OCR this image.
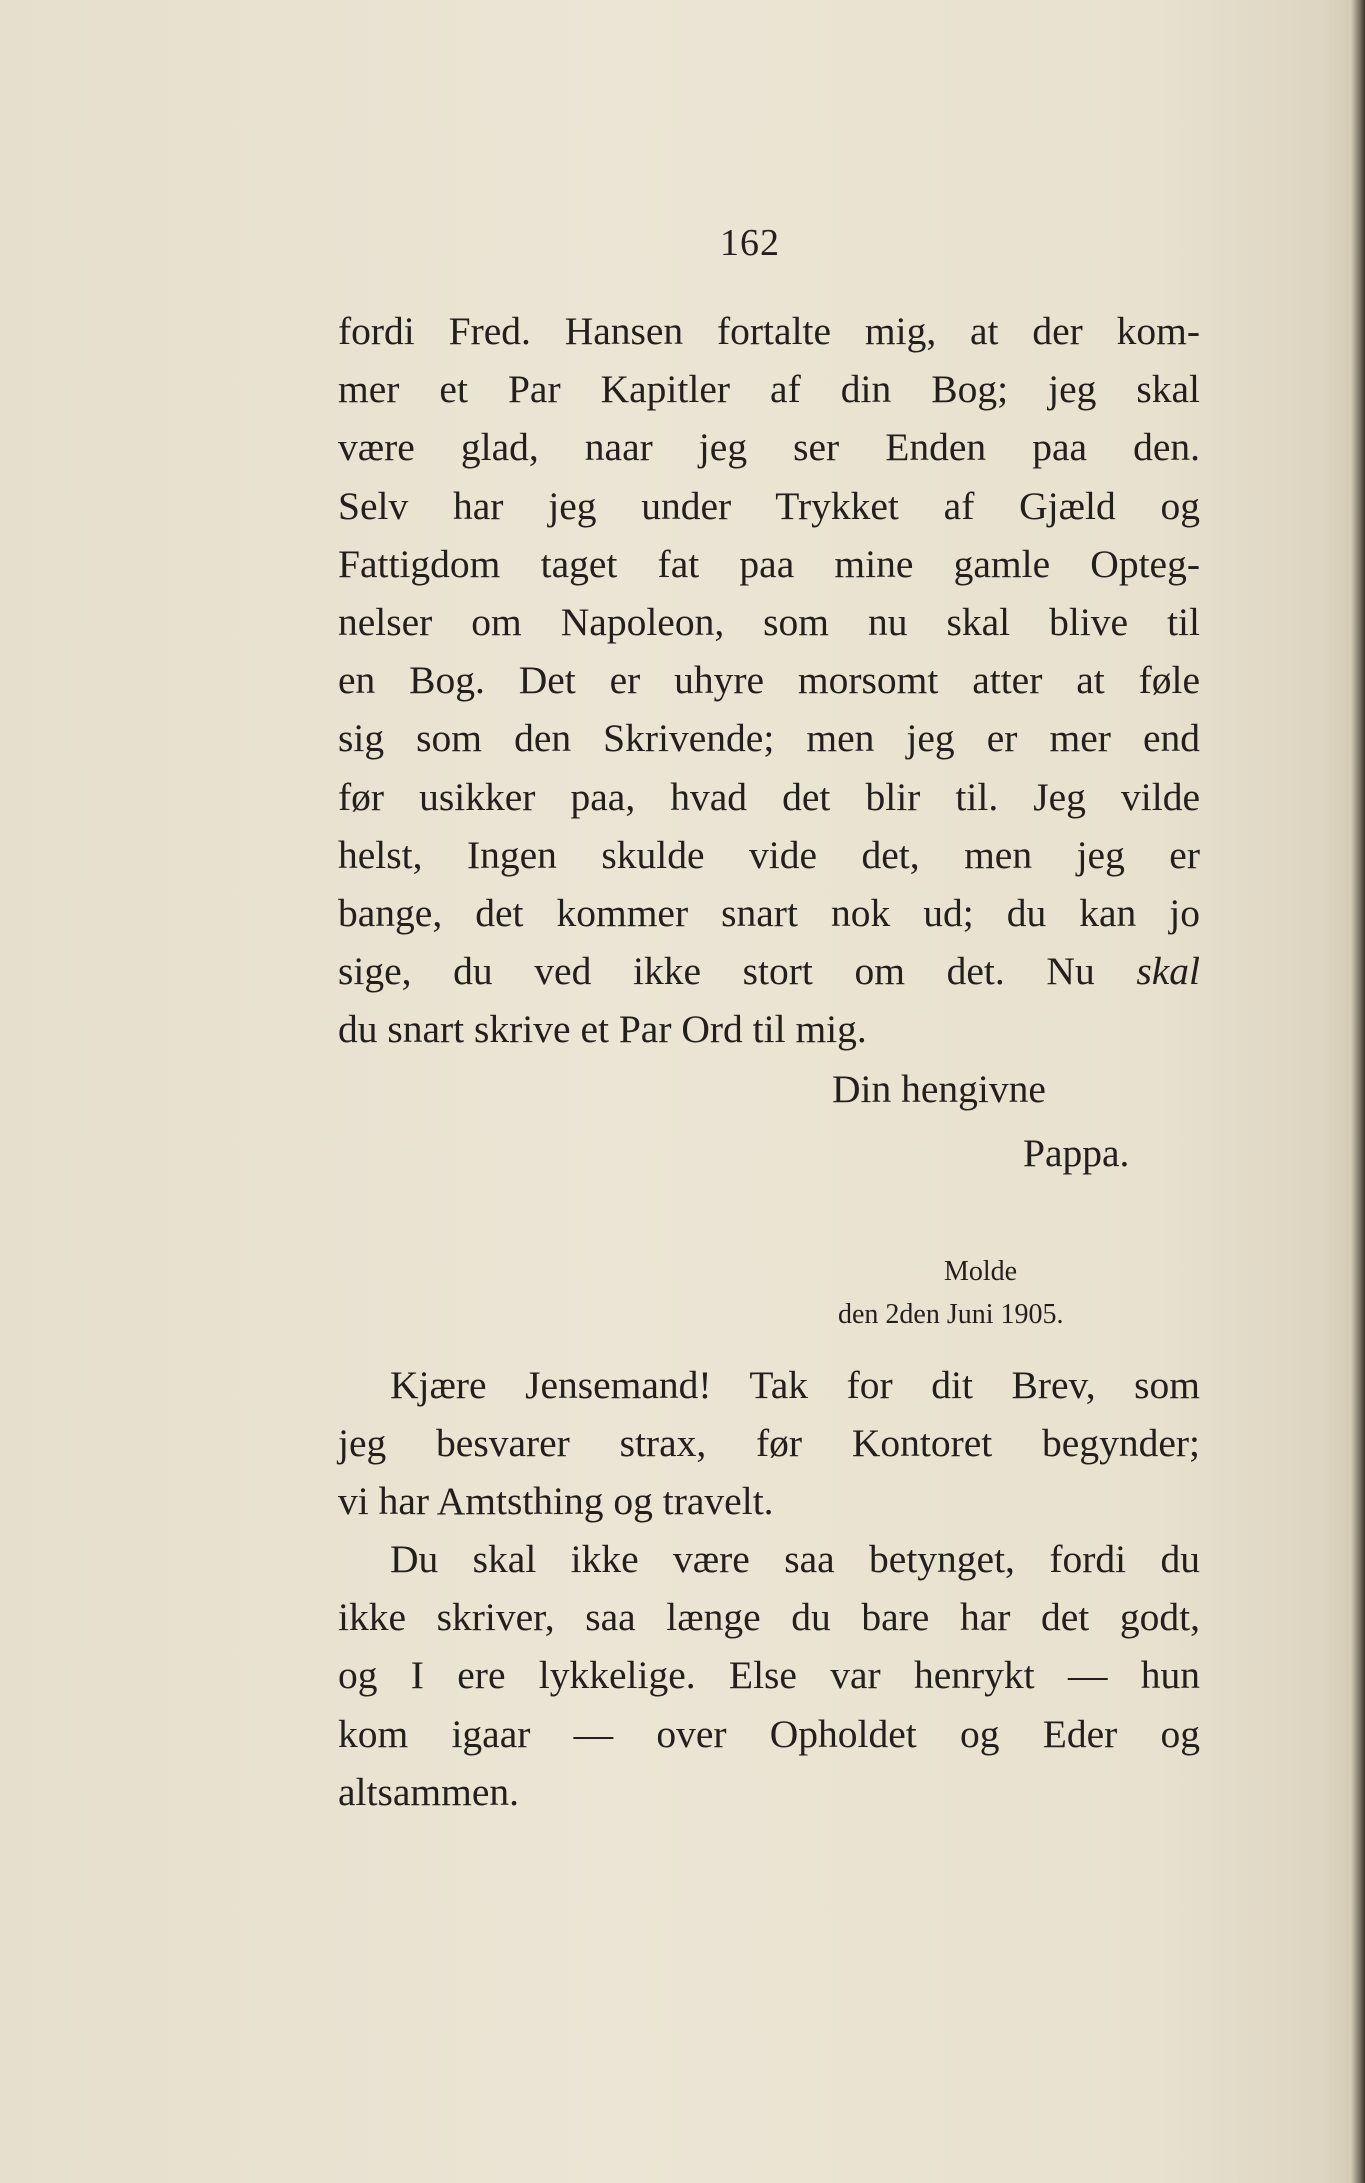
162
fordi Fred. Hansen fortalte mig, at der kom-
mer et Par Kapitler af din Bog; jeg skal
være glad, naar jeg ser Enden paa den.
Selv har jeg under Trykket af Gjæld og
Fattigdom taget fat paa mine gamle Opteg-
nelser om Napoleon, som nu skal blive til
en Bog. Det er uhyre morsomt atter at føle
sig som den Skrivende; men jeg er mer end
før usikker paa, hvad det blir til. Jeg vilde
helst, Ingen skulde vide det, men jeg er
bange, det kommer snart nok ud; du kan jo
sige, du ved ikke stort om det. Nu skal
du snart skrive et Par Ord til mig.
Din hengivne
Pappa.
Molde
den 2den Juni 1905.
Kjære Jensemand! Tak for dit Brev, som
jeg besvarer strax, før Kontoret begynder;
vi har Amtsthing og travelt.
Du skal ikke være saa betynget, fordi du
ikke skriver, saa længe du bare har det godt,
og I ere lykkelige. Else var henrykt — hun
kom igaar — over Opholdet og Eder og
altsammen.
